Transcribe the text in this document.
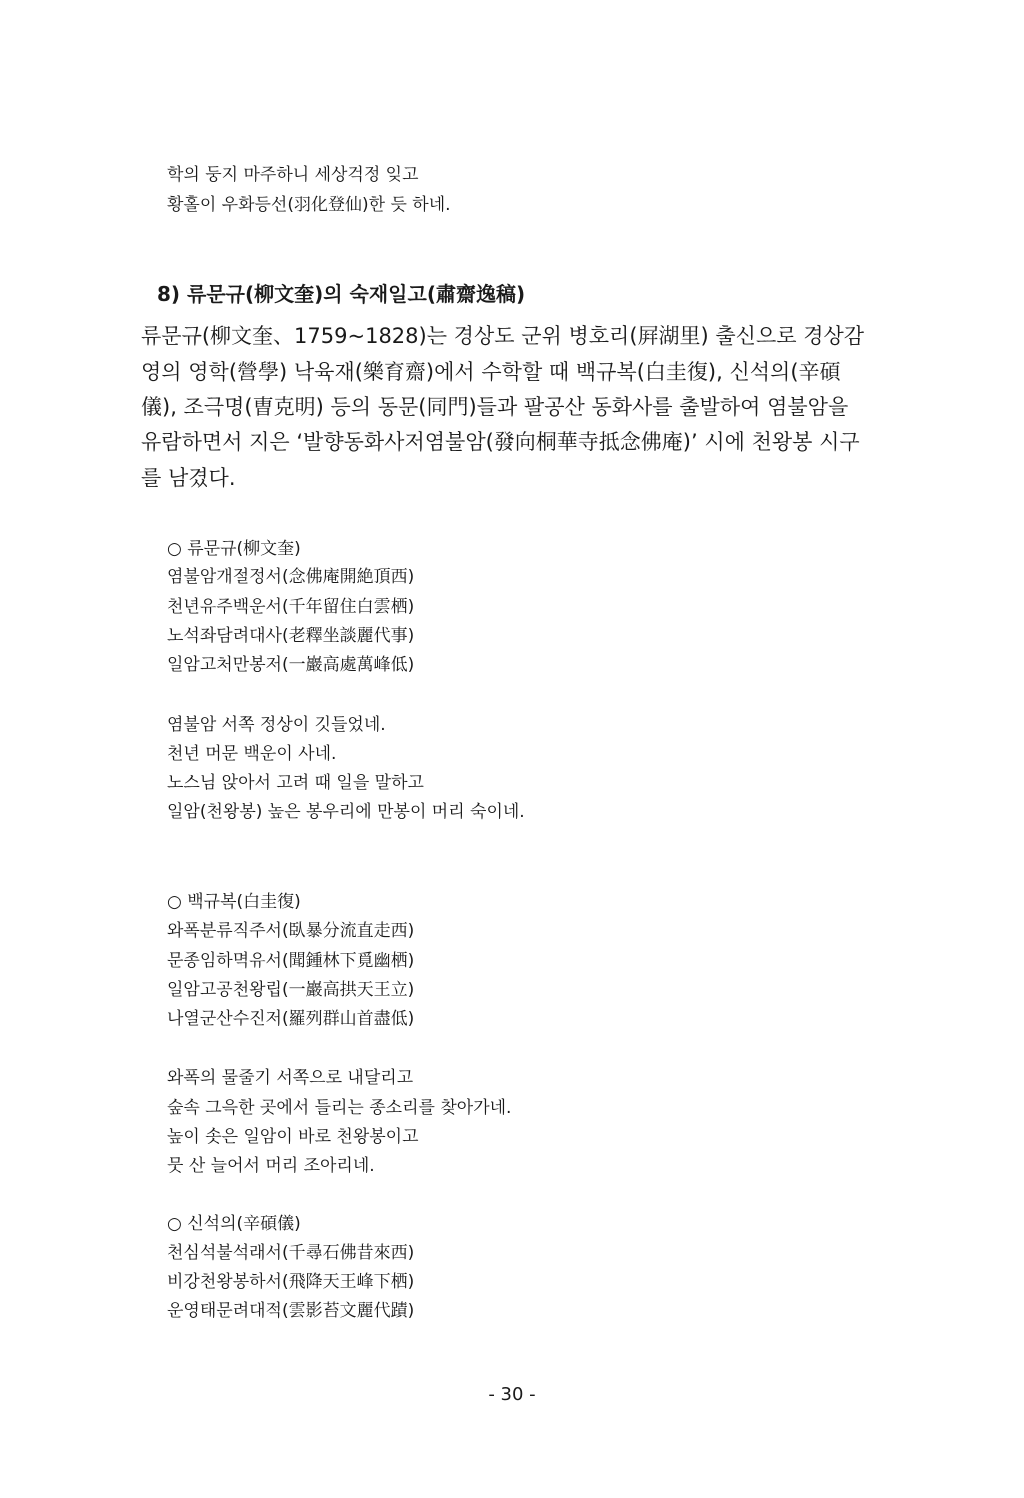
학의 둥지 마주하니 세상걱정 잊고
황홀이 우화등선(羽化登仙)한 듯 하네.
8) 류문규(柳文奎)의 숙재일고(肅齋逸稿)
류문규(柳文奎、1759~1828)는 경상도 군위 병호리(屛湖里) 출신으로 경상감
영의 영학(營學) 낙육재(樂育齋)에서 수학할 때 백규복(白圭復), 신석의(辛碩
儀), 조극명(曺克明) 등의 동문(同門)들과 팔공산 동화사를 출발하여 염불암을
유람하면서 지은 ‘발향동화사저염불암(發向桐華寺抵念佛庵)’ 시에 천왕봉 시구
를 남겼다.
○ 류문규(柳文奎)
염불암개절정서(念佛庵開絶頂西)
천년유주백운서(千年留住白雲栖)
노석좌담려대사(老釋坐談麗代事)
일암고처만봉저(一巖高處萬峰低)
염불암 서쪽 정상이 깃들었네.
천년 머문 백운이 사네.
노스님 앉아서 고려 때 일을 말하고
일암(천왕봉) 높은 봉우리에 만봉이 머리 숙이네.
○ 백규복(白圭復)
와폭분류직주서(臥暴分流直走西)
문종임하멱유서(聞鍾林下覓幽栖)
일암고공천왕립(一巖高拱天王立)
나열군산수진저(羅列群山首盡低)
와폭의 물줄기 서쪽으로 내달리고
숲속 그윽한 곳에서 들리는 종소리를 찾아가네.
높이 솟은 일암이 바로 천왕봉이고
뭇 산 늘어서 머리 조아리네.
○ 신석의(辛碩儀)
천심석불석래서(千尋石佛昔來西)
비강천왕봉하서(飛降天王峰下栖)
운영태문려대적(雲影苔文麗代蹟)
- 30 -
